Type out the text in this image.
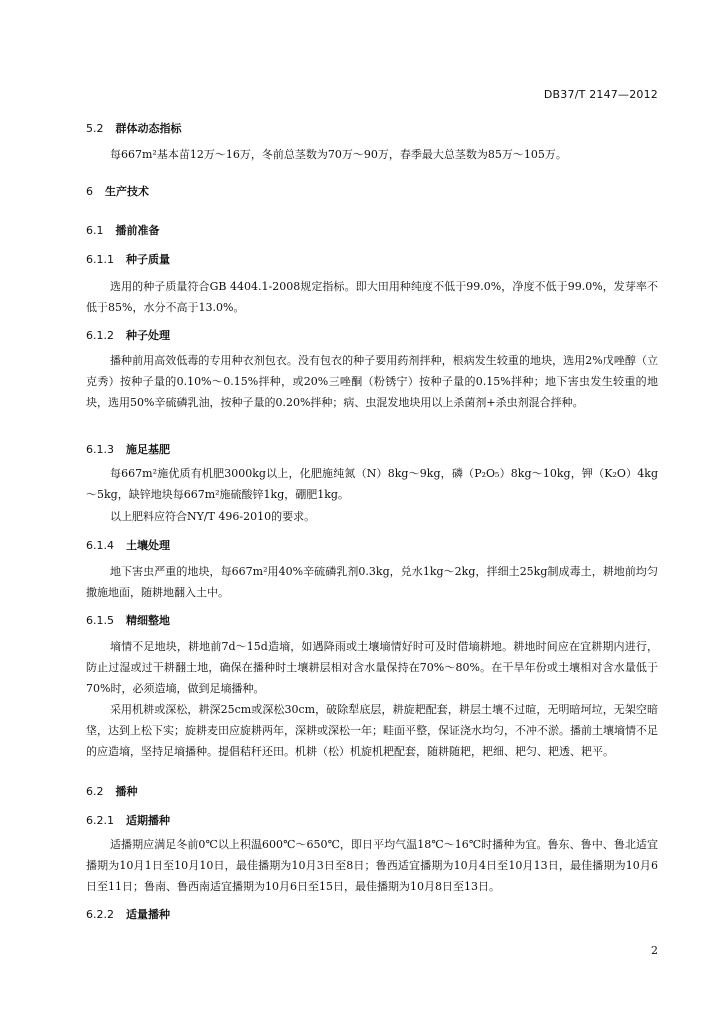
DB37/T 2147—2012
5.2 群体动态指标
每667m²基本苗12万～16万，冬前总茎数为70万～90万，春季最大总茎数为85万～105万。
6 生产技术
6.1 播前准备
6.1.1 种子质量
选用的种子质量符合GB 4404.1-2008规定指标。即大田用种纯度不低于99.0%，净度不低于99.0%，发芽率不低于85%，水分不高于13.0%。
6.1.2 种子处理
播种前用高效低毒的专用种衣剂包衣。没有包衣的种子要用药剂拌种，根病发生较重的地块，选用2%戊唑醇（立克秀）按种子量的0.10%～0.15%拌种，或20%三唑酮（粉锈宁）按种子量的0.15%拌种；地下害虫发生较重的地块，选用50%辛硫磷乳油，按种子量的0.20%拌种；病、虫混发地块用以上杀菌剂+杀虫剂混合拌种。
6.1.3 施足基肥
每667m²施优质有机肥3000kg以上，化肥施纯氮（N）8kg～9kg，磷（P₂O₅）8kg～10kg，钾（K₂O）4kg～5kg，缺锌地块每667m²施硫酸锌1kg，硼肥1kg。
以上肥料应符合NY/T 496-2010的要求。
6.1.4 土壤处理
地下害虫严重的地块，每667m²用40%辛硫磷乳剂0.3kg，兑水1kg～2kg，拌细土25kg制成毒土，耕地前均匀撒施地面，随耕地翻入土中。
6.1.5 精细整地
墒情不足地块，耕地前7d～15d造墒，如遇降雨或土壤墒情好时可及时借墒耕地。耕地时间应在宜耕期内进行，防止过湿或过干耕翻土地，确保在播种时土壤耕层相对含水量保持在70%～80%。在干旱年份或土壤相对含水量低于70%时，必须造墒，做到足墒播种。
采用机耕或深松，耕深25cm或深松30cm，破除犁底层，耕旋耙配套，耕层土壤不过暄，无明暗坷垃，无架空暗垡，达到上松下实；旋耕麦田应旋耕两年，深耕或深松一年；畦面平整，保证浇水均匀，不冲不淤。播前土壤墒情不足的应造墒，坚持足墒播种。提倡秸秆还田。机耕（松）机旋机耙配套，随耕随耙，耙细、耙匀、耙透、耙平。
6.2 播种
6.2.1 适期播种
适播期应满足冬前0℃以上积温600℃～650℃，即日平均气温18℃～16℃时播种为宜。鲁东、鲁中、鲁北适宜播期为10月1日至10月10日，最佳播期为10月3日至8日；鲁西适宜播期为10月4日至10月13日，最佳播期为10月6日至11日；鲁南、鲁西南适宜播期为10月6日至15日，最佳播期为10月8日至13日。
6.2.2 适量播种
2
